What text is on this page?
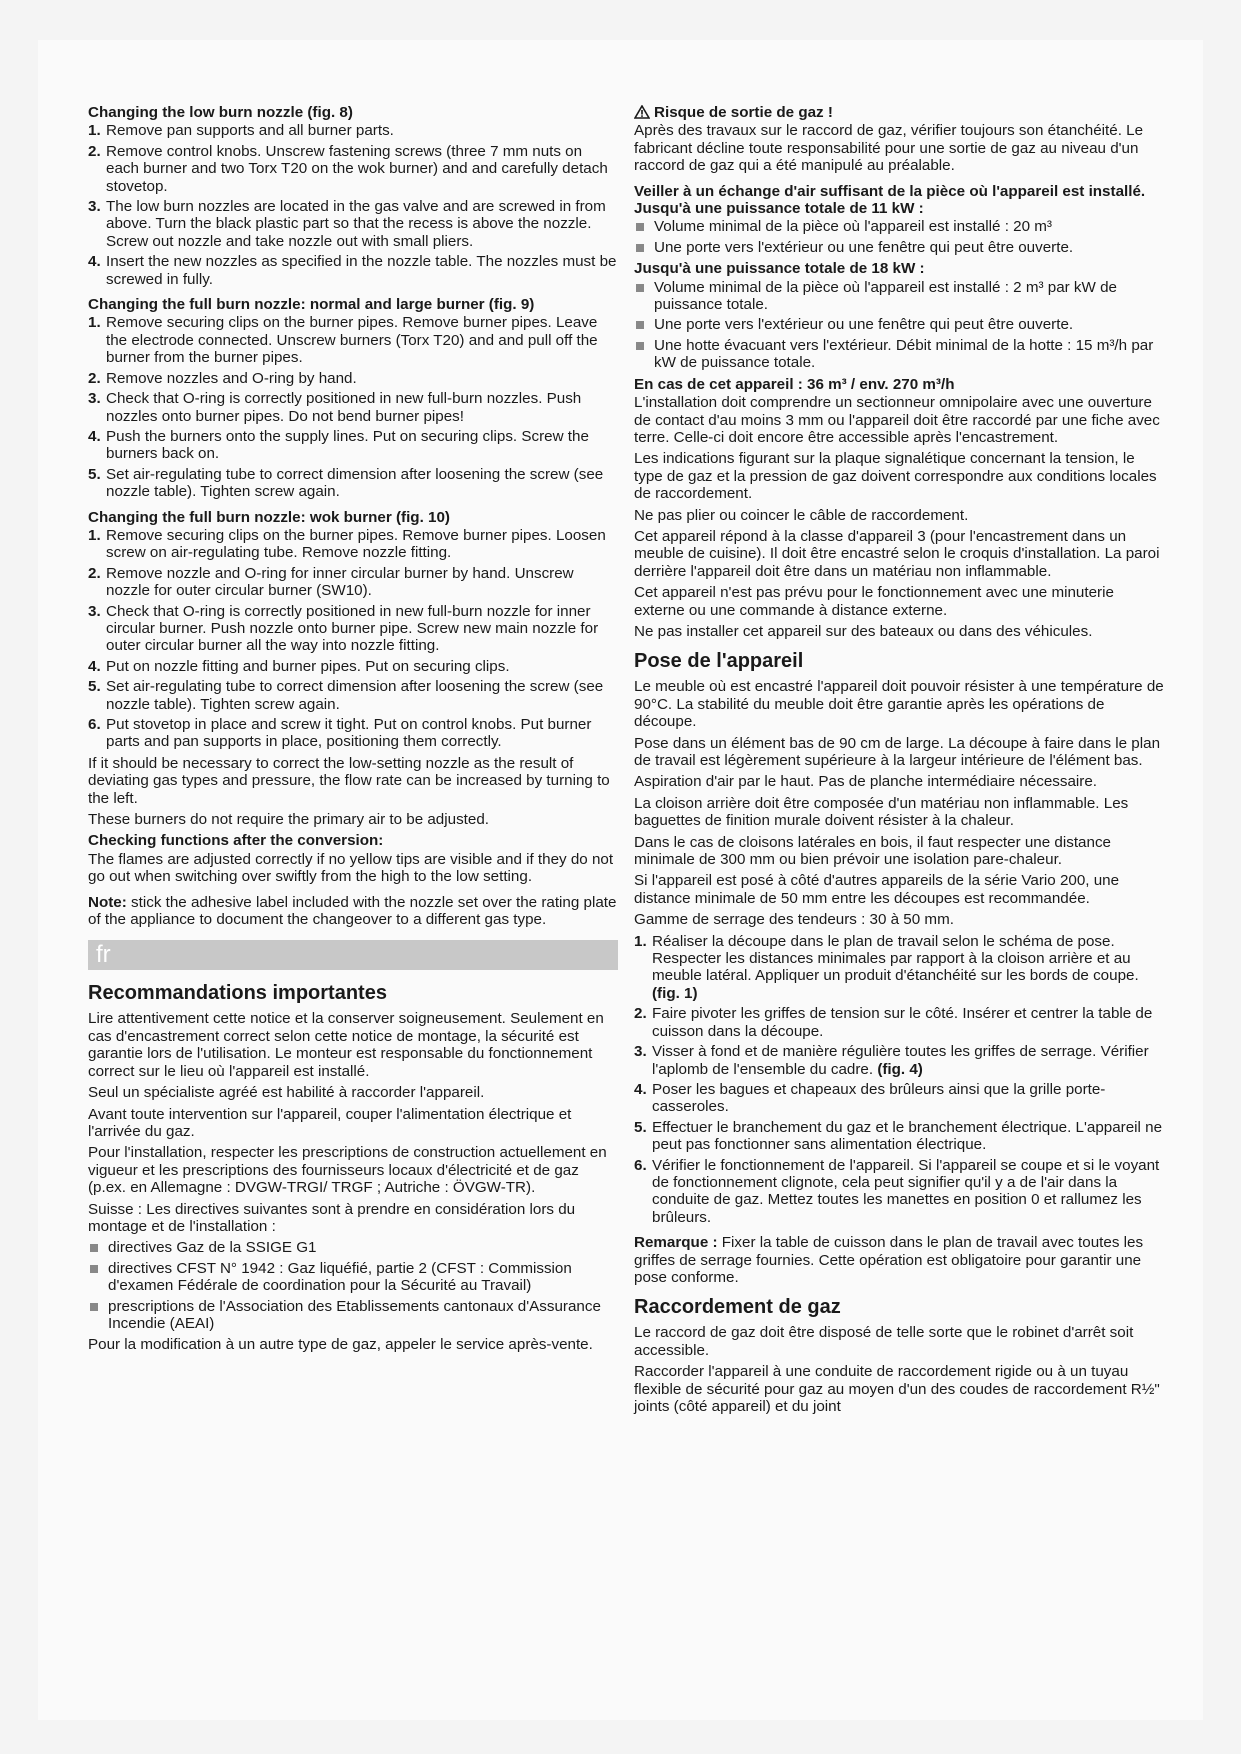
Changing the low burn nozzle (fig. 8)

1. Remove pan supports and all burner parts.
2. Remove control knobs. Unscrew fastening screws (three 7 mm nuts on each burner and two Torx T20 on the wok burner) and and carefully detach stovetop.
3. The low burn nozzles are located in the gas valve and are screwed in from above. Turn the black plastic part so that the recess is above the nozzle. Screw out nozzle and take nozzle out with small pliers.
4. Insert the new nozzles as specified in the nozzle table. The nozzles must be screwed in fully.

Changing the full burn nozzle: normal and large burner (fig. 9)

1. Remove securing clips on the burner pipes. Remove burner pipes. Leave the electrode connected. Unscrew burners (Torx T20) and and pull off the burner from the burner pipes.
2. Remove nozzles and O-ring by hand.
3. Check that O-ring is correctly positioned in new full-burn nozzles. Push nozzles onto burner pipes. Do not bend burner pipes!
4. Push the burners onto the supply lines. Put on securing clips. Screw the burners back on.
5. Set air-regulating tube to correct dimension after loosening the screw (see nozzle table). Tighten screw again.

Changing the full burn nozzle: wok burner (fig. 10)

1. Remove securing clips on the burner pipes. Remove burner pipes. Loosen screw on air-regulating tube. Remove nozzle fitting.
2. Remove nozzle and O-ring for inner circular burner by hand. Unscrew nozzle for outer circular burner (SW10).
3. Check that O-ring is correctly positioned in new full-burn nozzle for inner circular burner. Push nozzle onto burner pipe. Screw new main nozzle for outer circular burner all the way into nozzle fitting.
4. Put on nozzle fitting and burner pipes. Put on securing clips.
5. Set air-regulating tube to correct dimension after loosening the screw (see nozzle table). Tighten screw again.
6. Put stovetop in place and screw it tight. Put on control knobs. Put burner parts and pan supports in place, positioning them correctly.

If it should be necessary to correct the low-setting nozzle as the result of deviating gas types and pressure, the flow rate can be increased by turning to the left.

These burners do not require the primary air to be adjusted.

Checking functions after the conversion:

The flames are adjusted correctly if no yellow tips are visible and if they do not go out when switching over swiftly from the high to the low setting.

Note: stick the adhesive label included with the nozzle set over the rating plate of the appliance to document the changeover to a different gas type.

fr
Recommandations importantes

Lire attentivement cette notice et la conserver soigneusement. Seulement en cas d'encastrement correct selon cette notice de montage, la sécurité est garantie lors de l'utilisation. Le monteur est responsable du fonctionnement correct sur le lieu où l'appareil est installé.

Seul un spécialiste agréé est habilité à raccorder l'appareil.

Avant toute intervention sur l'appareil, couper l'alimentation électrique et l'arrivée du gaz.

Pour l'installation, respecter les prescriptions de construction actuellement en vigueur et les prescriptions des fournisseurs locaux d'électricité et de gaz (p.ex. en Allemagne : DVGW-TRGI/ TRGF ; Autriche : ÖVGW-TR).

Suisse : Les directives suivantes sont à prendre en considération lors du montage et de l'installation :

directives Gaz de la SSIGE G1
directives CFST N° 1942 : Gaz liquéfié, partie 2 (CFST : Commission d'examen Fédérale de coordination pour la Sécurité au Travail)
prescriptions de l'Association des Etablissements cantonaux d'Assurance Incendie (AEAI)

Pour la modification à un autre type de gaz, appeler le service après-vente.

Risque de sortie de gaz !

Après des travaux sur le raccord de gaz, vérifier toujours son étanchéité. Le fabricant décline toute responsabilité pour une sortie de gaz au niveau d'un raccord de gaz qui a été manipulé au préalable.

Veiller à un échange d'air suffisant de la pièce où l'appareil est installé. Jusqu'à une puissance totale de 11 kW :

Volume minimal de la pièce où l'appareil est installé : 20 m³
Une porte vers l'extérieur ou une fenêtre qui peut être ouverte.

Jusqu'à une puissance totale de 18 kW :

Volume minimal de la pièce où l'appareil est installé : 2 m³ par kW de puissance totale.
Une porte vers l'extérieur ou une fenêtre qui peut être ouverte.
Une hotte évacuant vers l'extérieur. Débit minimal de la hotte : 15 m³/h par kW de puissance totale.

En cas de cet appareil : 36 m³ / env. 270 m³/h

L'installation doit comprendre un sectionneur omnipolaire avec une ouverture de contact d'au moins 3 mm ou l'appareil doit être raccordé par une fiche avec terre. Celle-ci doit encore être accessible après l'encastrement.

Les indications figurant sur la plaque signalétique concernant la tension, le type de gaz et la pression de gaz doivent correspondre aux conditions locales de raccordement.

Ne pas plier ou coincer le câble de raccordement.

Cet appareil répond à la classe d'appareil 3 (pour l'encastrement dans un meuble de cuisine). Il doit être encastré selon le croquis d'installation. La paroi derrière l'appareil doit être dans un matériau non inflammable.

Cet appareil n'est pas prévu pour le fonctionnement avec une minuterie externe ou une commande à distance externe.

Ne pas installer cet appareil sur des bateaux ou dans des véhicules.

Pose de l'appareil

Le meuble où est encastré l'appareil doit pouvoir résister à une température de 90°C. La stabilité du meuble doit être garantie après les opérations de découpe.

Pose dans un élément bas de 90 cm de large. La découpe à faire dans le plan de travail est légèrement supérieure à la largeur intérieure de l'élément bas.

Aspiration d'air par le haut. Pas de planche intermédiaire nécessaire.

La cloison arrière doit être composée d'un matériau non inflammable. Les baguettes de finition murale doivent résister à la chaleur.

Dans le cas de cloisons latérales en bois, il faut respecter une distance minimale de 300 mm ou bien prévoir une isolation pare-chaleur.

Si l'appareil est posé à côté d'autres appareils de la série Vario 200, une distance minimale de 50 mm entre les découpes est recommandée.

Gamme de serrage des tendeurs : 30 à 50 mm.

1. Réaliser la découpe dans le plan de travail selon le schéma de pose. Respecter les distances minimales par rapport à la cloison arrière et au meuble latéral. Appliquer un produit d'étanchéité sur les bords de coupe. (fig. 1)
2. Faire pivoter les griffes de tension sur le côté. Insérer et centrer la table de cuisson dans la découpe.
3. Visser à fond et de manière régulière toutes les griffes de serrage. Vérifier l'aplomb de l'ensemble du cadre. (fig. 4)
4. Poser les bagues et chapeaux des brûleurs ainsi que la grille porte-casseroles.
5. Effectuer le branchement du gaz et le branchement électrique. L'appareil ne peut pas fonctionner sans alimentation électrique.
6. Vérifier le fonctionnement de l'appareil. Si l'appareil se coupe et si le voyant de fonctionnement clignote, cela peut signifier qu'il y a de l'air dans la conduite de gaz. Mettez toutes les manettes en position 0 et rallumez les brûleurs.

Remarque : Fixer la table de cuisson dans le plan de travail avec toutes les griffes de serrage fournies. Cette opération est obligatoire pour garantir une pose conforme.

Raccordement de gaz

Le raccord de gaz doit être disposé de telle sorte que le robinet d'arrêt soit accessible.

Raccorder l'appareil à une conduite de raccordement rigide ou à un tuyau flexible de sécurité pour gaz au moyen d'un des coudes de raccordement R½" joints (côté appareil) et du joint
